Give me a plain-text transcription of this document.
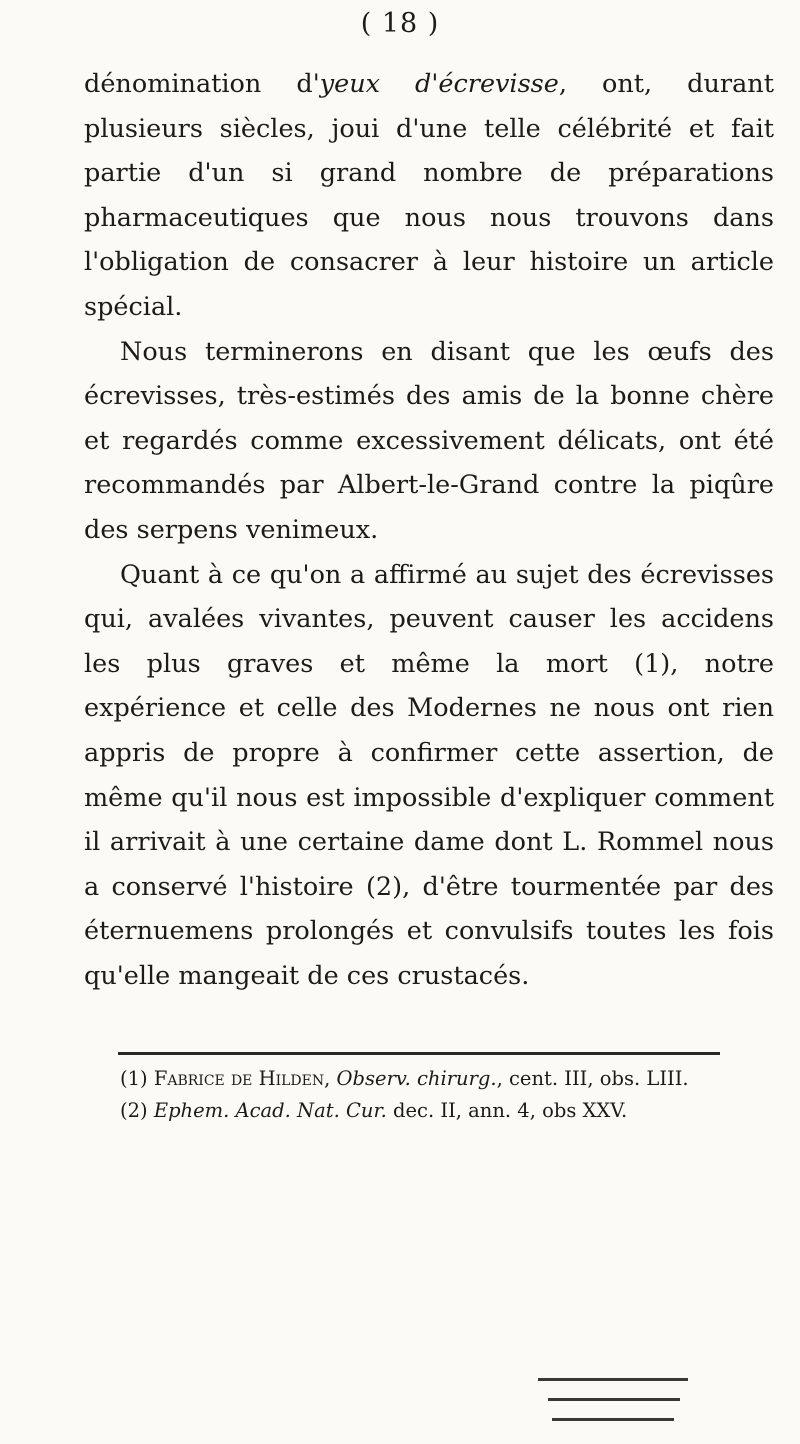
( 18 )

dénomination d'yeux d'écrevisse, ont, durant plusieurs siècles, joui d'une telle célébrité et fait partie d'un si grand nombre de préparations pharmaceutiques que nous nous trouvons dans l'obligation de consacrer à leur histoire un article spécial.

Nous terminerons en disant que les œufs des écrevisses, très-estimés des amis de la bonne chère et regardés comme excessivement délicats, ont été recommandés par Albert-le-Grand contre la piqûre des serpens venimeux.

Quant à ce qu'on a affirmé au sujet des écrevisses qui, avalées vivantes, peuvent causer les accidens les plus graves et même la mort (1), notre expérience et celle des Modernes ne nous ont rien appris de propre à confirmer cette assertion, de même qu'il nous est impossible d'expliquer comment il arrivait à une certaine dame dont L. Rommel nous a conservé l'histoire (2), d'être tourmentée par des éternuemens prolongés et convulsifs toutes les fois qu'elle mangeait de ces crustacés.

(1) Fabrice de Hilden, Observ. chirurg., cent. III, obs. LIII.

(2) Ephem. Acad. Nat. Cur. dec. II, ann. 4, obs XXV.
